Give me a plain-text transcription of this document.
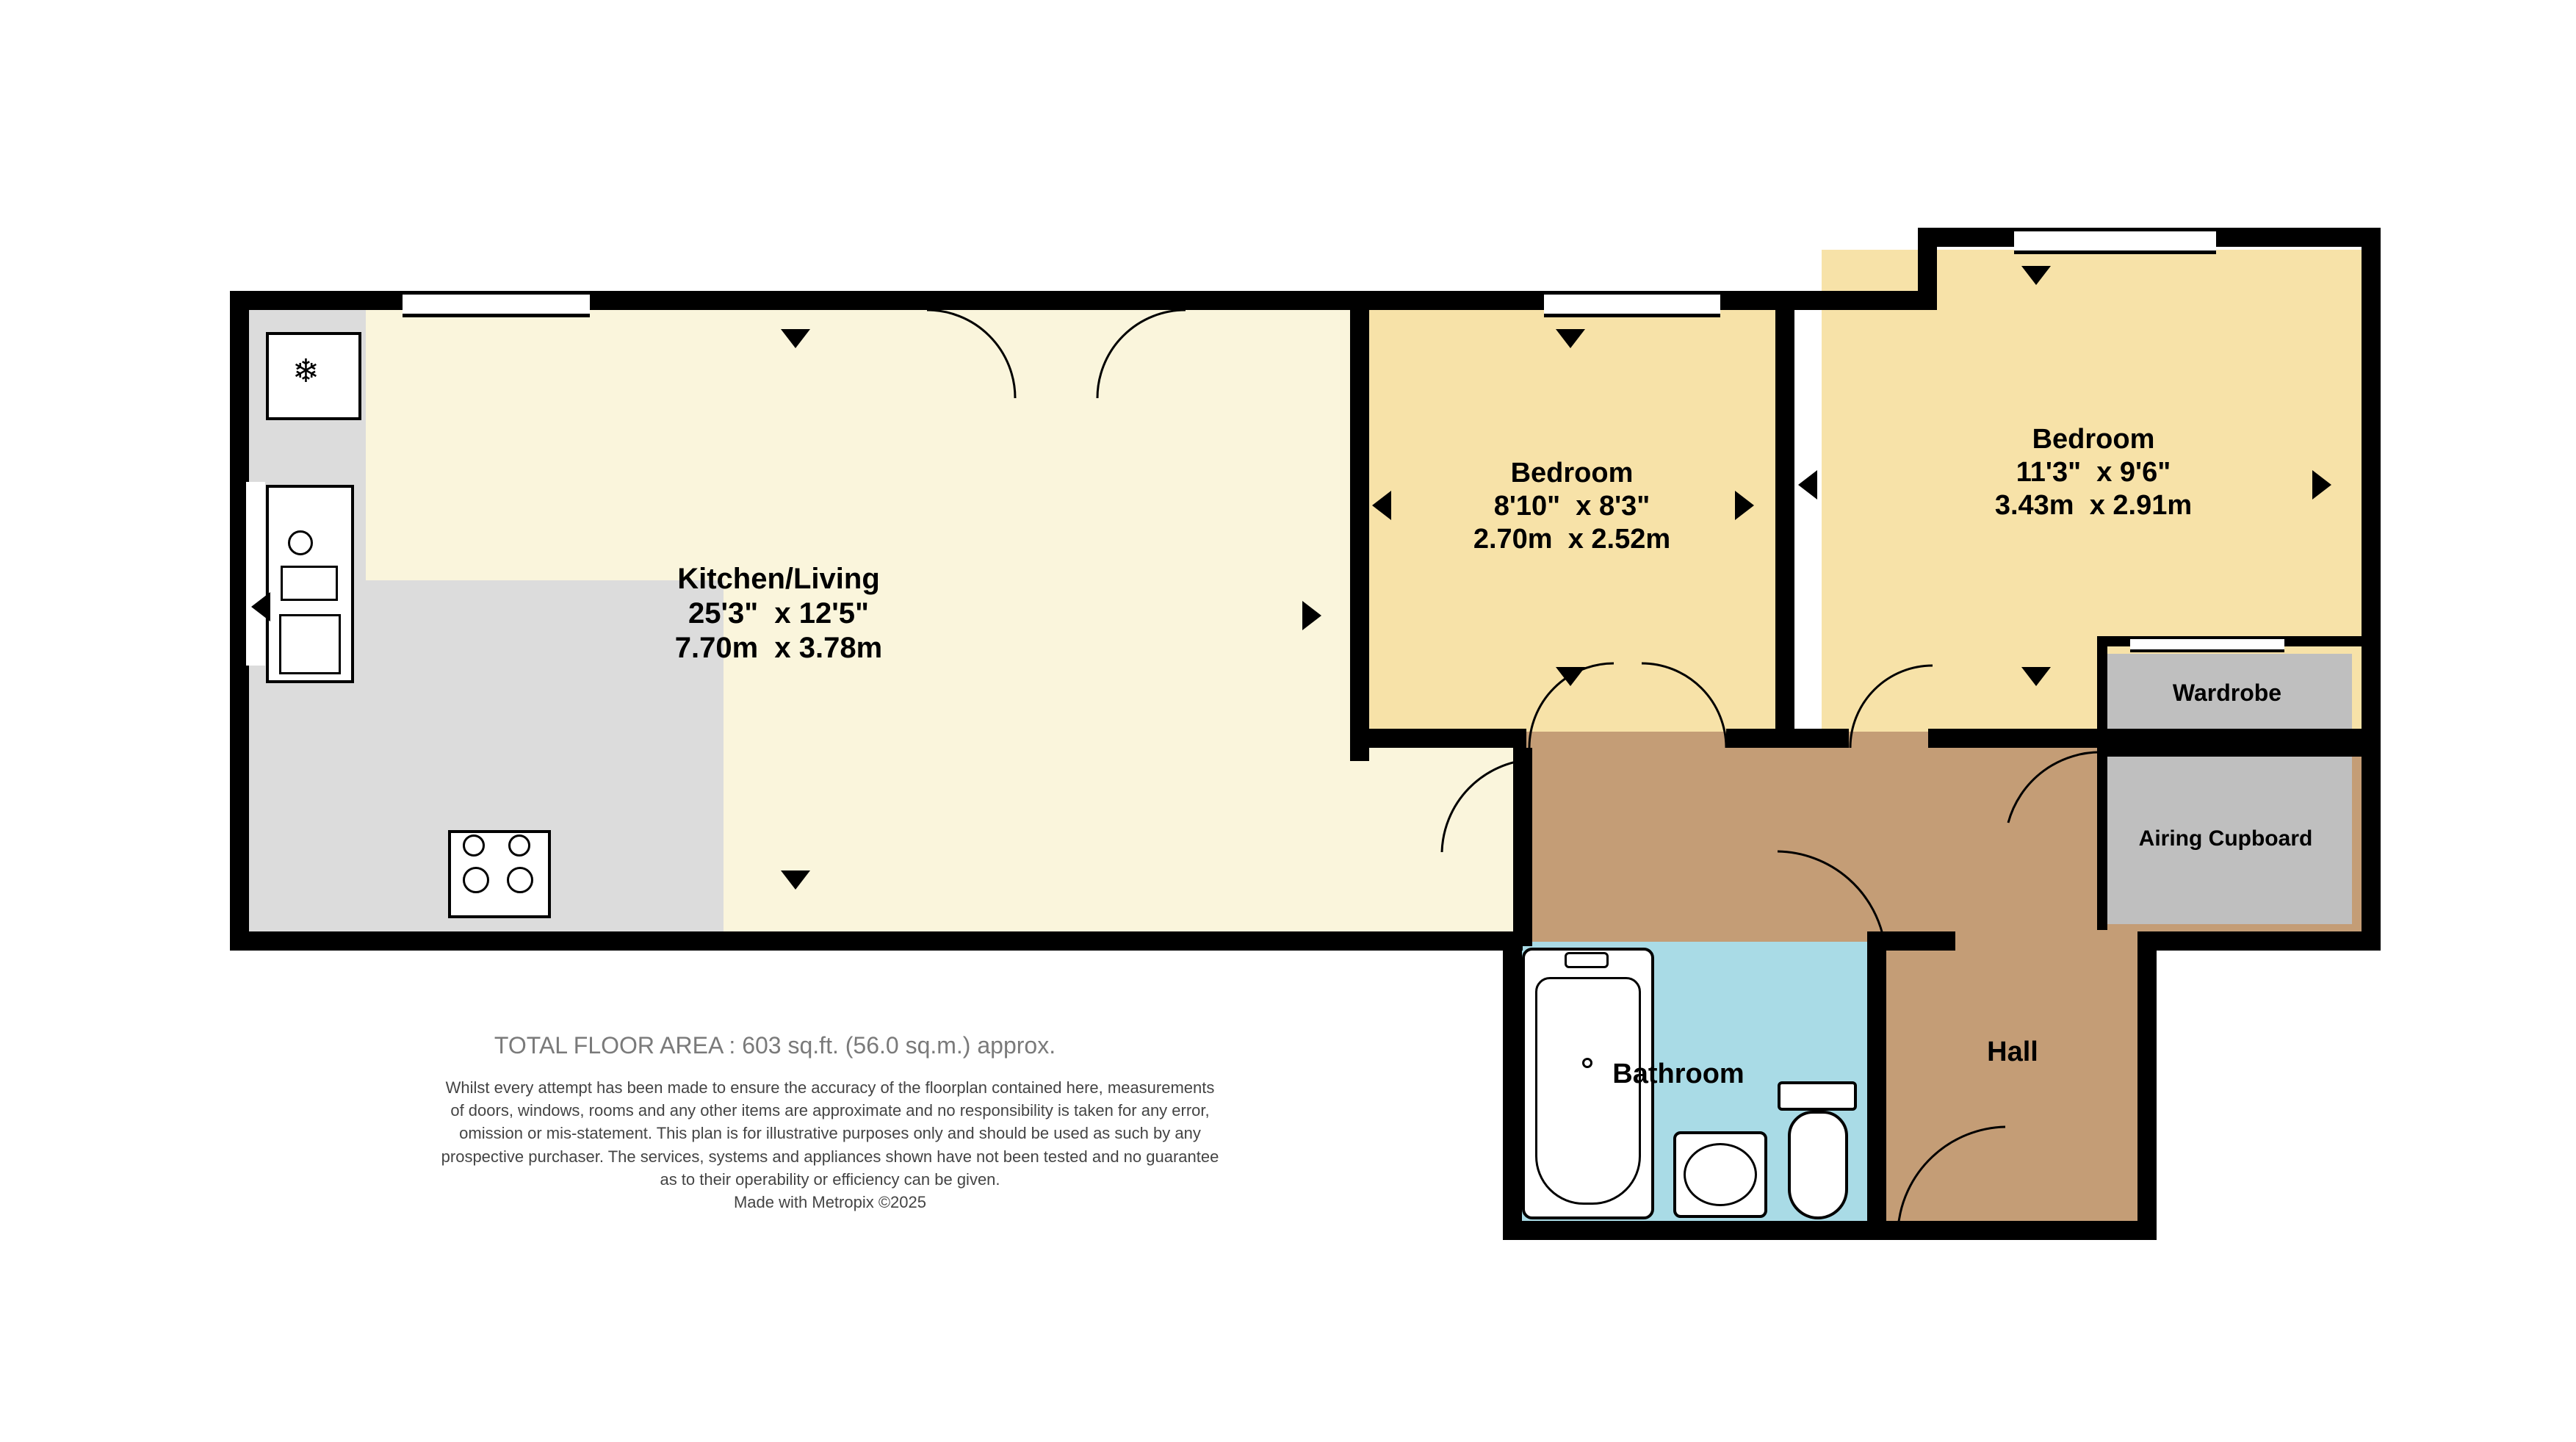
❄
Kitchen/Living
25'3"  x 12'5"
7.70m  x 3.78m
Bedroom
8'10"  x 8'3"
2.70m  x 2.52m
Bedroom
11'3"  x 9'6"
3.43m  x 2.91m
Bathroom
Hall
Wardrobe
Airing Cupboard
TOTAL FLOOR AREA : 603 sq.ft. (56.0 sq.m.) approx.
Whilst every attempt has been made to ensure the accuracy of the floorplan contained here, measurements
of doors, windows, rooms and any other items are approximate and no responsibility is taken for any error,
omission or mis-statement. This plan is for illustrative purposes only and should be used as such by any
prospective purchaser. The services, systems and appliances shown have not been tested and no guarantee
as to their operability or efficiency can be given.
Made with Metropix ©2025
